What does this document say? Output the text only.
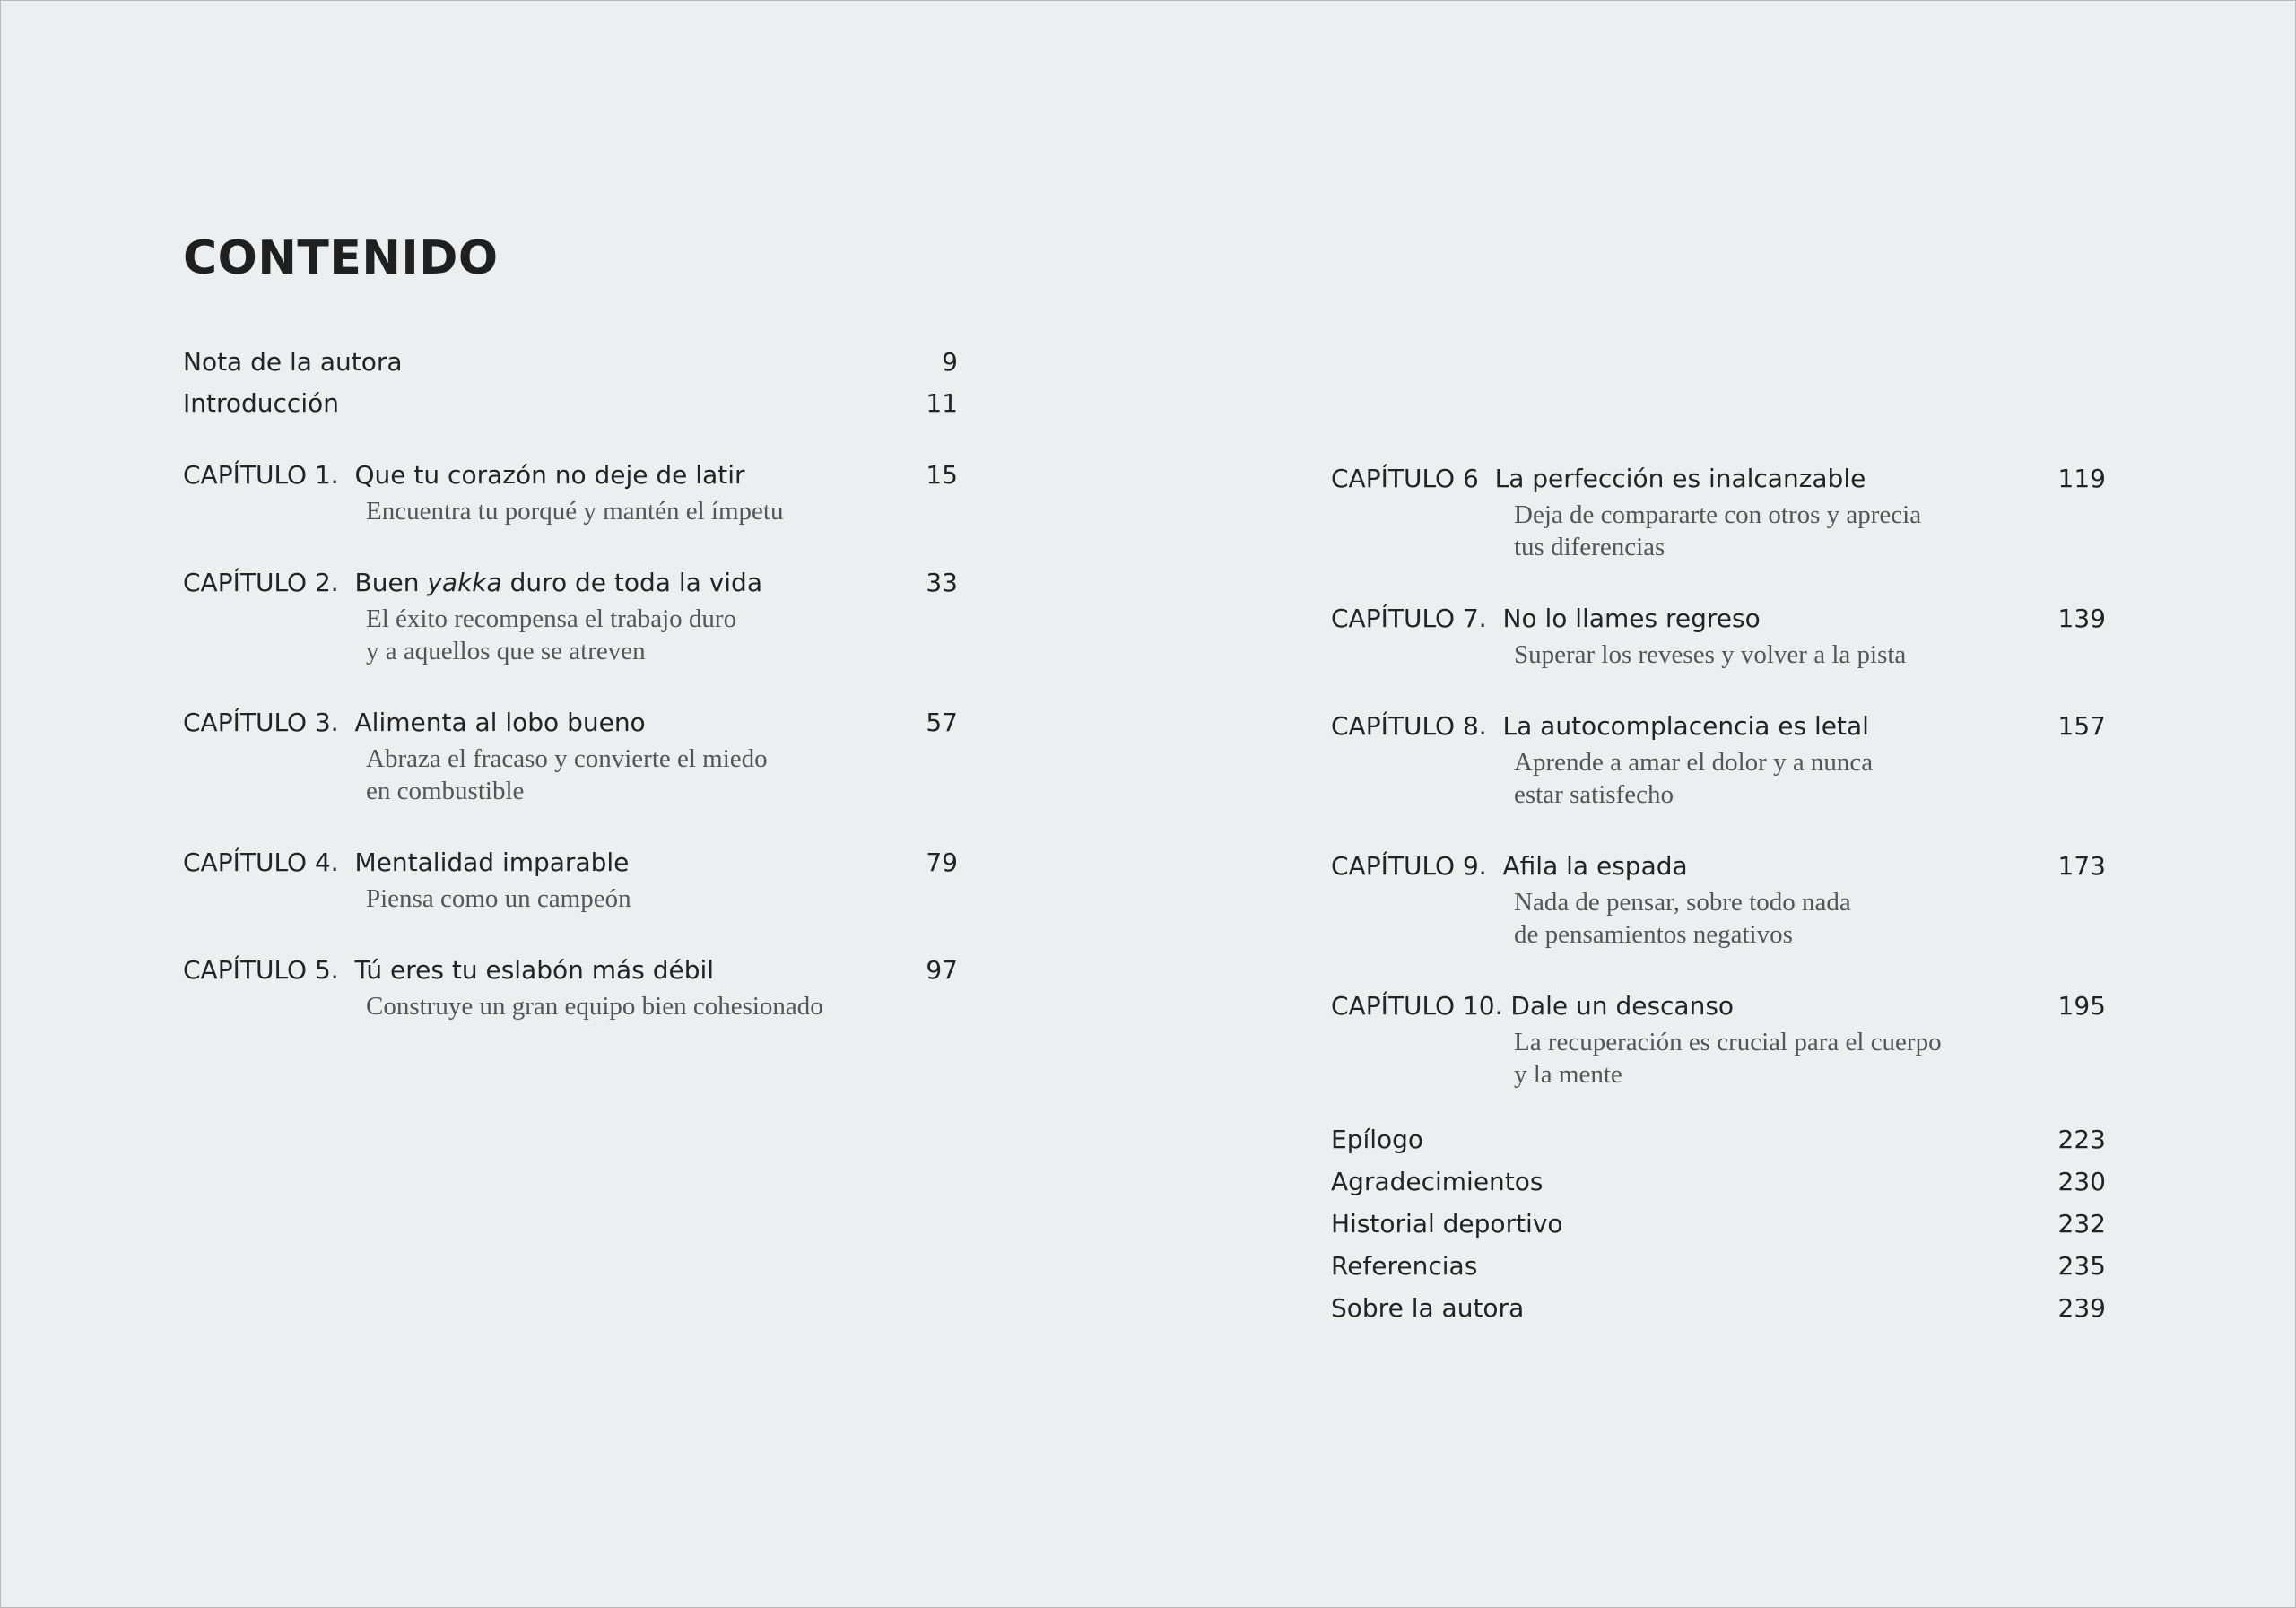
CONTENIDO
Nota de la autora	9
Introducción	11
CAPÍTULO 1. Que tu corazón no deje de latir	15
Encuentra tu porqué y mantén el ímpetu
CAPÍTULO 2. Buen yakka duro de toda la vida	33
El éxito recompensa el trabajo duro
y a aquellos que se atreven
CAPÍTULO 3. Alimenta al lobo bueno	57
Abraza el fracaso y convierte el miedo
en combustible
CAPÍTULO 4. Mentalidad imparable	79
Piensa como un campeón
CAPÍTULO 5. Tú eres tu eslabón más débil	97
Construye un gran equipo bien cohesionado
CAPÍTULO 6 La perfección es inalcanzable	119
Deja de compararte con otros y aprecia
tus diferencias
CAPÍTULO 7. No lo llames regreso	139
Superar los reveses y volver a la pista
CAPÍTULO 8. La autocomplacencia es letal	157
Aprende a amar el dolor y a nunca
estar satisfecho
CAPÍTULO 9. Afila la espada	173
Nada de pensar, sobre todo nada
de pensamientos negativos
CAPÍTULO 10. Dale un descanso	195
La recuperación es crucial para el cuerpo
y la mente
Epílogo	223
Agradecimientos	230
Historial deportivo	232
Referencias	235
Sobre la autora	239
